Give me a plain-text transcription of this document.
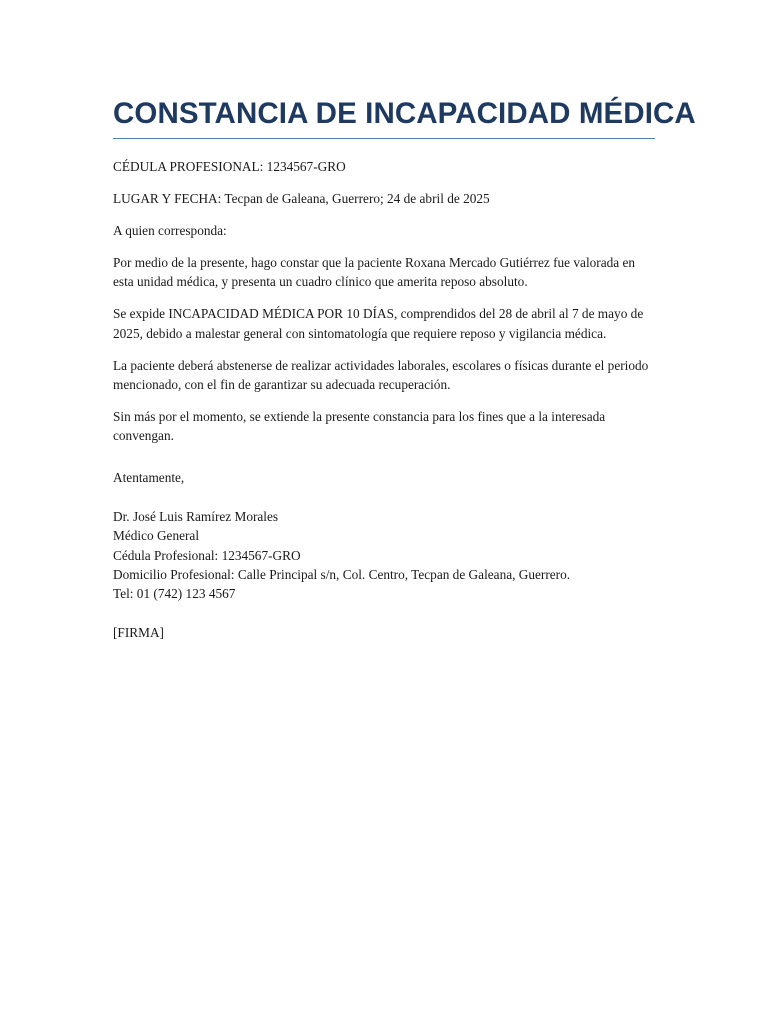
CONSTANCIA DE INCAPACIDAD MÉDICA

CÉDULA PROFESIONAL: 1234567-GRO

LUGAR Y FECHA: Tecpan de Galeana, Guerrero; 24 de abril de 2025

A quien corresponda:

Por medio de la presente, hago constar que la paciente Roxana Mercado Gutiérrez fue valorada en esta unidad médica, y presenta un cuadro clínico que amerita reposo absoluto.

Se expide INCAPACIDAD MÉDICA POR 10 DÍAS, comprendidos del 28 de abril al 7 de mayo de 2025, debido a malestar general con sintomatología que requiere reposo y vigilancia médica.

La paciente deberá abstenerse de realizar actividades laborales, escolares o físicas durante el periodo mencionado, con el fin de garantizar su adecuada recuperación.

Sin más por el momento, se extiende la presente constancia para los fines que a la interesada convengan.

Atentamente,

Dr. José Luis Ramírez Morales
Médico General
Cédula Profesional: 1234567-GRO
Domicilio Profesional: Calle Principal s/n, Col. Centro, Tecpan de Galeana, Guerrero.
Tel: 01 (742) 123 4567

[FIRMA]
